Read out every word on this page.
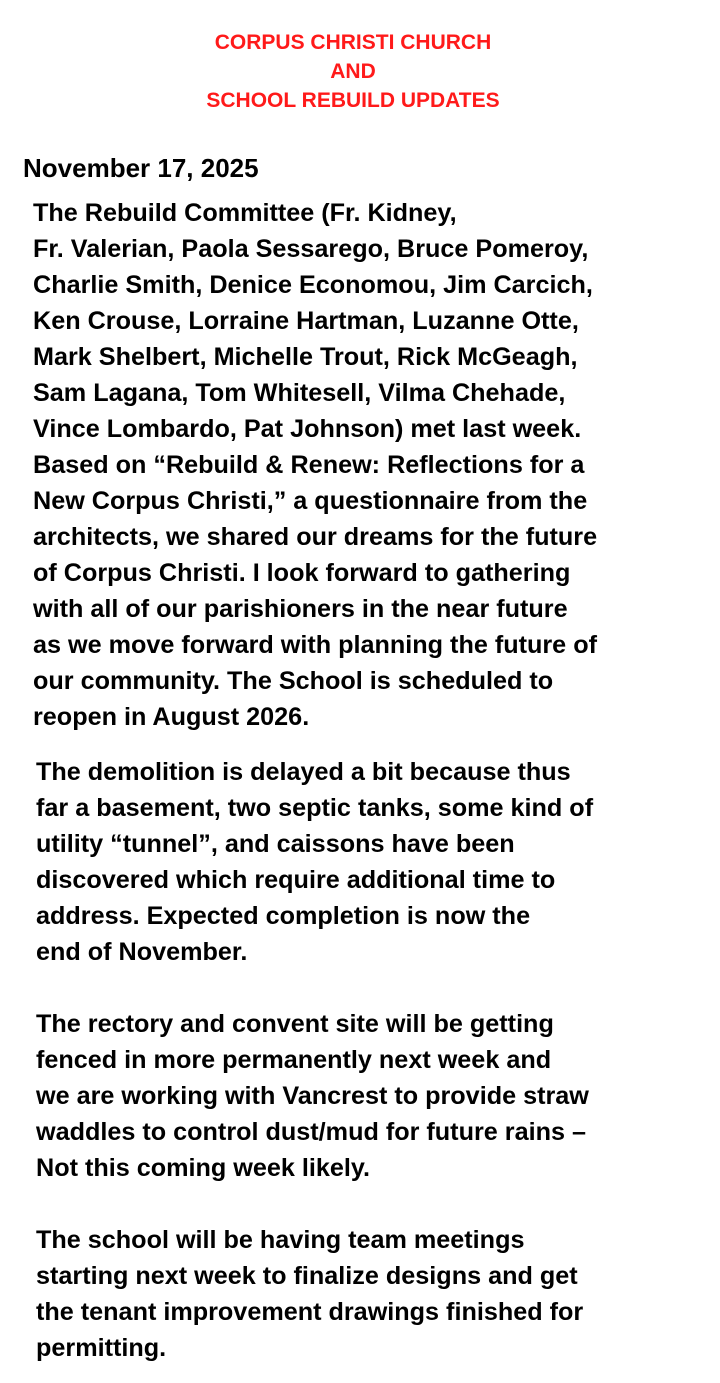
CORPUS CHRISTI CHURCH
AND
SCHOOL REBUILD UPDATES
November 17, 2025
The Rebuild Committee (Fr. Kidney,
Fr. Valerian, Paola Sessarego, Bruce Pomeroy,
Charlie Smith, Denice Economou, Jim Carcich,
Ken Crouse, Lorraine Hartman, Luzanne Otte,
Mark Shelbert, Michelle Trout, Rick McGeagh,
Sam Lagana, Tom Whitesell, Vilma Chehade,
Vince Lombardo, Pat Johnson) met last week.
Based on “Rebuild & Renew: Reflections for a
New Corpus Christi,” a questionnaire from the
architects, we shared our dreams for the future
of Corpus Christi. I look forward to gathering
with all of our parishioners in the near future
as we move forward with planning the future of
our community. The School is scheduled to
reopen in August 2026.
The demolition is delayed a bit because thus
far a basement, two septic tanks, some kind of
utility “tunnel”, and caissons have been
discovered which require additional time to
address. Expected completion is now the
end of November.
The rectory and convent site will be getting
fenced in more permanently next week and
we are working with Vancrest to provide straw
waddles to control dust/mud for future rains –
Not this coming week likely.
The school will be having team meetings
starting next week to finalize designs and get
the tenant improvement drawings finished for
permitting.
